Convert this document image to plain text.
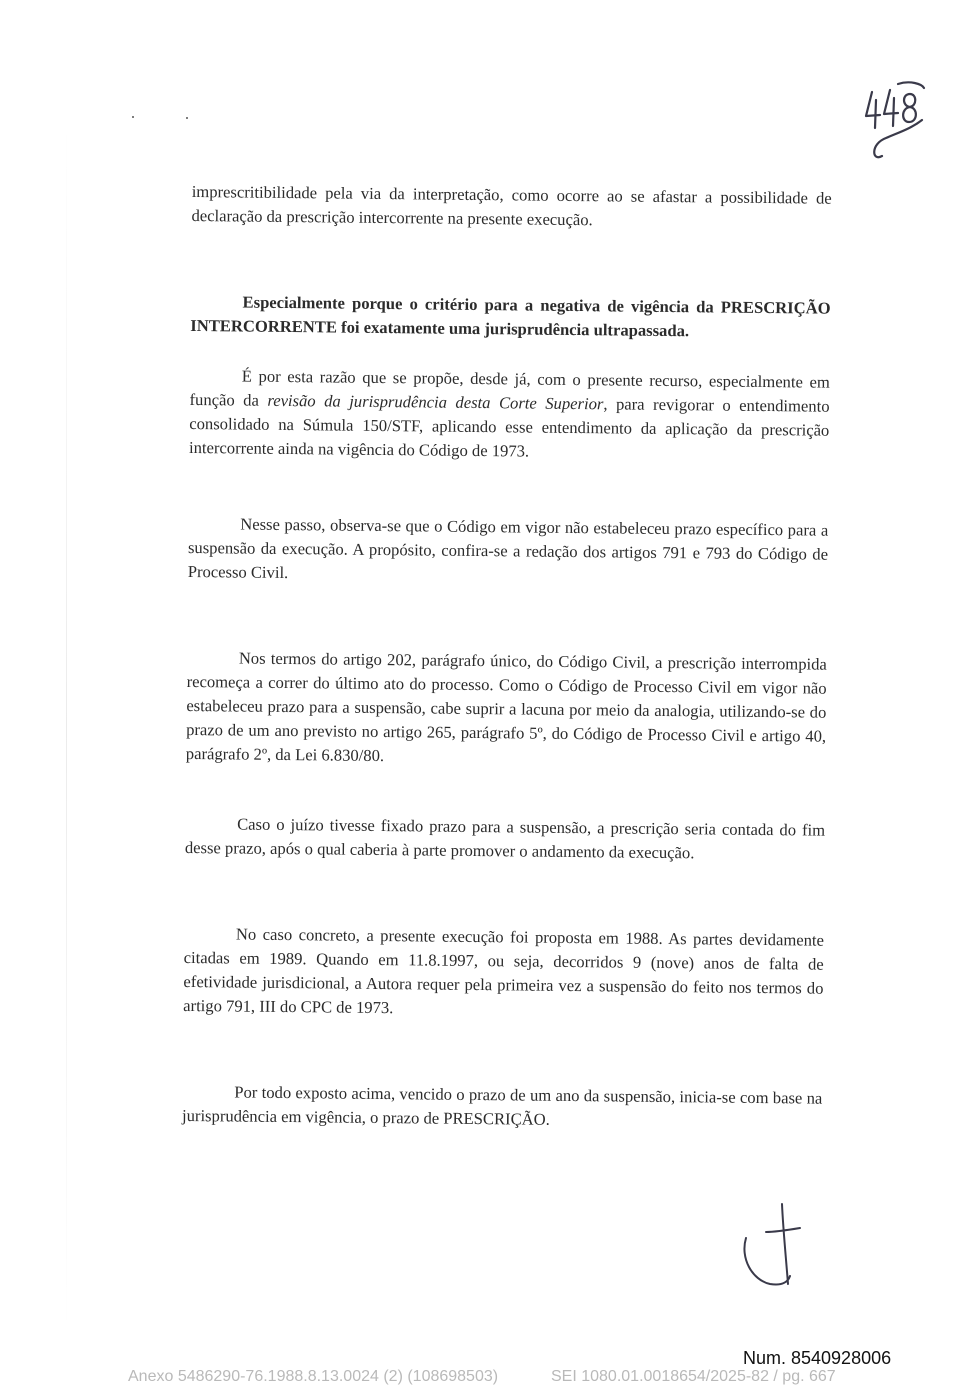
imprescritibilidade pela via da interpretação, como ocorre ao se afastar a possibilidade de declaração da prescrição intercorrente na presente execução.

Especialmente porque o critério para a negativa de vigência da PRESCRIÇÃO INTERCORRENTE foi exatamente uma jurisprudência ultrapassada.

É por esta razão que se propõe, desde já, com o presente recurso, especialmente em função da revisão da jurisprudência desta Corte Superior, para revigorar o entendimento consolidado na Súmula 150/STF, aplicando esse entendimento da aplicação da prescrição intercorrente ainda na vigência do Código de 1973.

Nesse passo, observa-se que o Código em vigor não estabeleceu prazo específico para a suspensão da execução. A propósito, confira-se a redação dos artigos 791 e 793 do Código de Processo Civil.

Nos termos do artigo 202, parágrafo único, do Código Civil, a prescrição interrompida recomeça a correr do último ato do processo. Como o Código de Processo Civil em vigor não estabeleceu prazo para a suspensão, cabe suprir a lacuna por meio da analogia, utilizando-se do prazo de um ano previsto no artigo 265, parágrafo 5º, do Código de Processo Civil e artigo 40, parágrafo 2º, da Lei 6.830/80.

Caso o juízo tivesse fixado prazo para a suspensão, a prescrição seria contada do fim desse prazo, após o qual caberia à parte promover o andamento da execução.

No caso concreto, a presente execução foi proposta em 1988. As partes devidamente citadas em 1989. Quando em 11.8.1997, ou seja, decorridos 9 (nove) anos de falta de efetividade jurisdicional, a Autora requer pela primeira vez a suspensão do feito nos termos do artigo 791, III do CPC de 1973.

Por todo exposto acima, vencido o prazo de um ano da suspensão, inicia-se com base na jurisprudência em vigência, o prazo de PRESCRIÇÃO.

Num. 8540928006
Anexo 5486290-76.1988.8.13.0024 (2) (108698503)	SEI 1080.01.0018654/2025-82 / pg. 667
